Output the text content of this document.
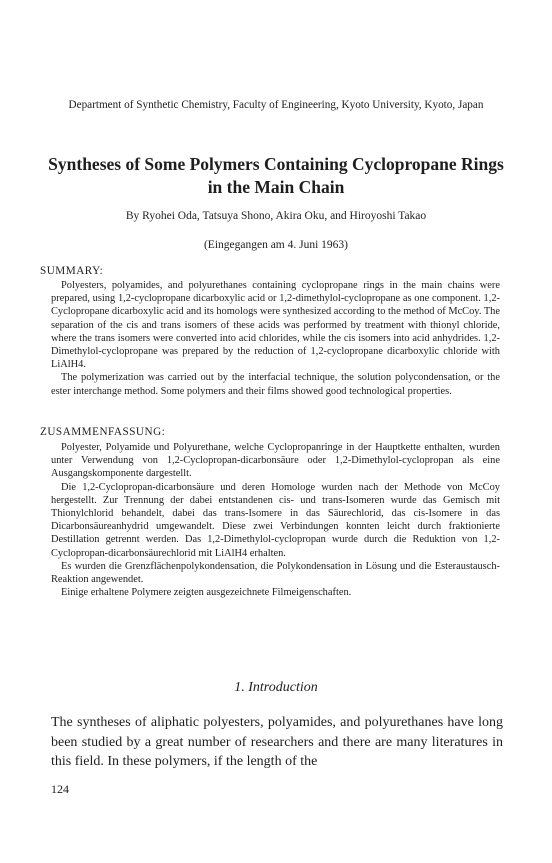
Department of Synthetic Chemistry, Faculty of Engineering, Kyoto University, Kyoto, Japan
Syntheses of Some Polymers Containing Cyclopropane Rings in the Main Chain
By Ryohei Oda, Tatsuya Shono, Akira Oku, and Hiroyoshi Takao
(Eingegangen am 4. Juni 1963)
SUMMARY:

Polyesters, polyamides, and polyurethanes containing cyclopropane rings in the main chains were prepared, using 1,2-cyclopropane dicarboxylic acid or 1,2-dimethylol-cyclopropane as one component. 1,2-Cyclopropane dicarboxylic acid and its homologs were synthesized according to the method of McCoy. The separation of the cis and trans isomers of these acids was performed by treatment with thionyl chloride, where the trans isomers were converted into acid chlorides, while the cis isomers into acid anhydrides. 1,2-Dimethylol-cyclopropane was prepared by the reduction of 1,2-cyclopropane dicarboxylic chloride with LiAlH4.

The polymerization was carried out by the interfacial technique, the solution polycondensation, or the ester interchange method. Some polymers and their films showed good technological properties.

ZUSAMMENFASSUNG:

Polyester, Polyamide und Polyurethane, welche Cyclopropanringe in der Hauptkette enthalten, wurden unter Verwendung von 1,2-Cyclopropan-dicarbonsäure oder 1,2-Dimethylol-cyclopropan als eine Ausgangskomponente dargestellt.

Die 1,2-Cyclopropan-dicarbonsäure und deren Homologe wurden nach der Methode von McCoy hergestellt. Zur Trennung der dabei entstandenen cis- und trans-Isomeren wurde das Gemisch mit Thionylchlorid behandelt, dabei das trans-Isomere in das Säurechlorid, das cis-Isomere in das Dicarbonsäureanhydrid umgewandelt. Diese zwei Verbindungen konnten leicht durch fraktionierte Destillation getrennt werden. Das 1,2-Dimethylol-cyclopropan wurde durch die Reduktion von 1,2-Cyclopropan-dicarbonsäurechlorid mit LiAlH4 erhalten.

Es wurden die Grenzflächenpolykondensation, die Polykondensation in Lösung und die Esteraustausch-Reaktion angewendet.

Einige erhaltene Polymere zeigten ausgezeichnete Filmeigenschaften.

1. Introduction
The syntheses of aliphatic polyesters, polyamides, and polyurethanes have long been studied by a great number of researchers and there are many literatures in this field. In these polymers, if the length of the
124
